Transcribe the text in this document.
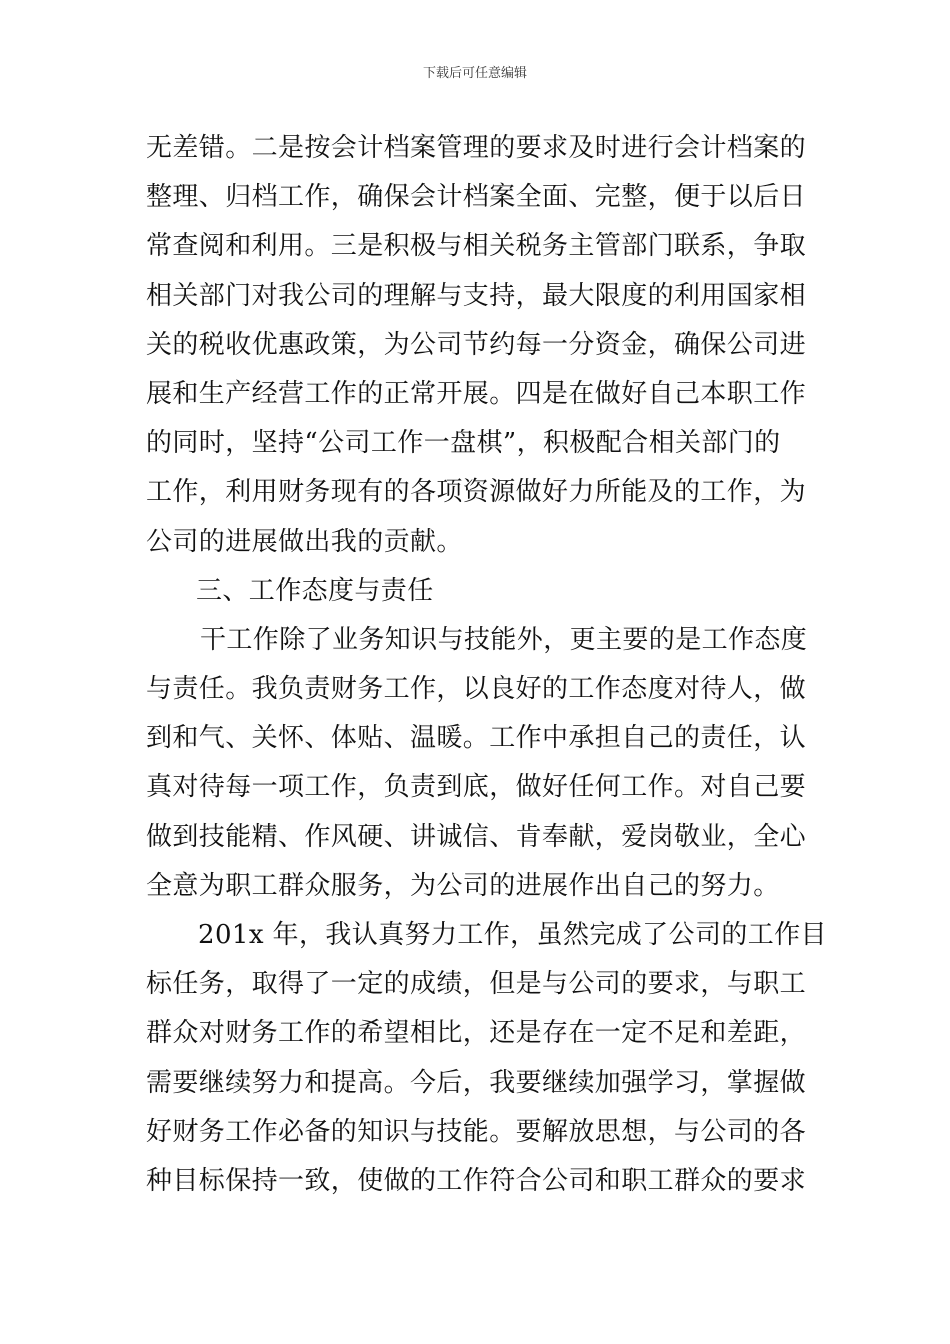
下载后可任意编辑
无差错。二是按会计档案管理的要求及时进行会计档案的
整理、归档工作，确保会计档案全面、完整，便于以后日
常查阅和利用。三是积极与相关税务主管部门联系，争取
相关部门对我公司的理解与支持，最大限度的利用国家相
关的税收优惠政策，为公司节约每一分资金，确保公司进
展和生产经营工作的正常开展。四是在做好自己本职工作
的同时，坚持“公司工作一盘棋”，积极配合相关部门的
工作，利用财务现有的各项资源做好力所能及的工作，为
公司的进展做出我的贡献。
三、工作态度与责任
干工作除了业务知识与技能外，更主要的是工作态度
与责任。我负责财务工作，以良好的工作态度对待人，做
到和气、关怀、体贴、温暖。工作中承担自己的责任，认
真对待每一项工作，负责到底，做好任何工作。对自己要
做到技能精、作风硬、讲诚信、肯奉献，爱岗敬业，全心
全意为职工群众服务，为公司的进展作出自己的努力。
201x 年，我认真努力工作，虽然完成了公司的工作目
标任务，取得了一定的成绩，但是与公司的要求，与职工
群众对财务工作的希望相比，还是存在一定不足和差距，
需要继续努力和提高。今后，我要继续加强学习，掌握做
好财务工作必备的知识与技能。要解放思想，与公司的各
种目标保持一致，使做的工作符合公司和职工群众的要求
